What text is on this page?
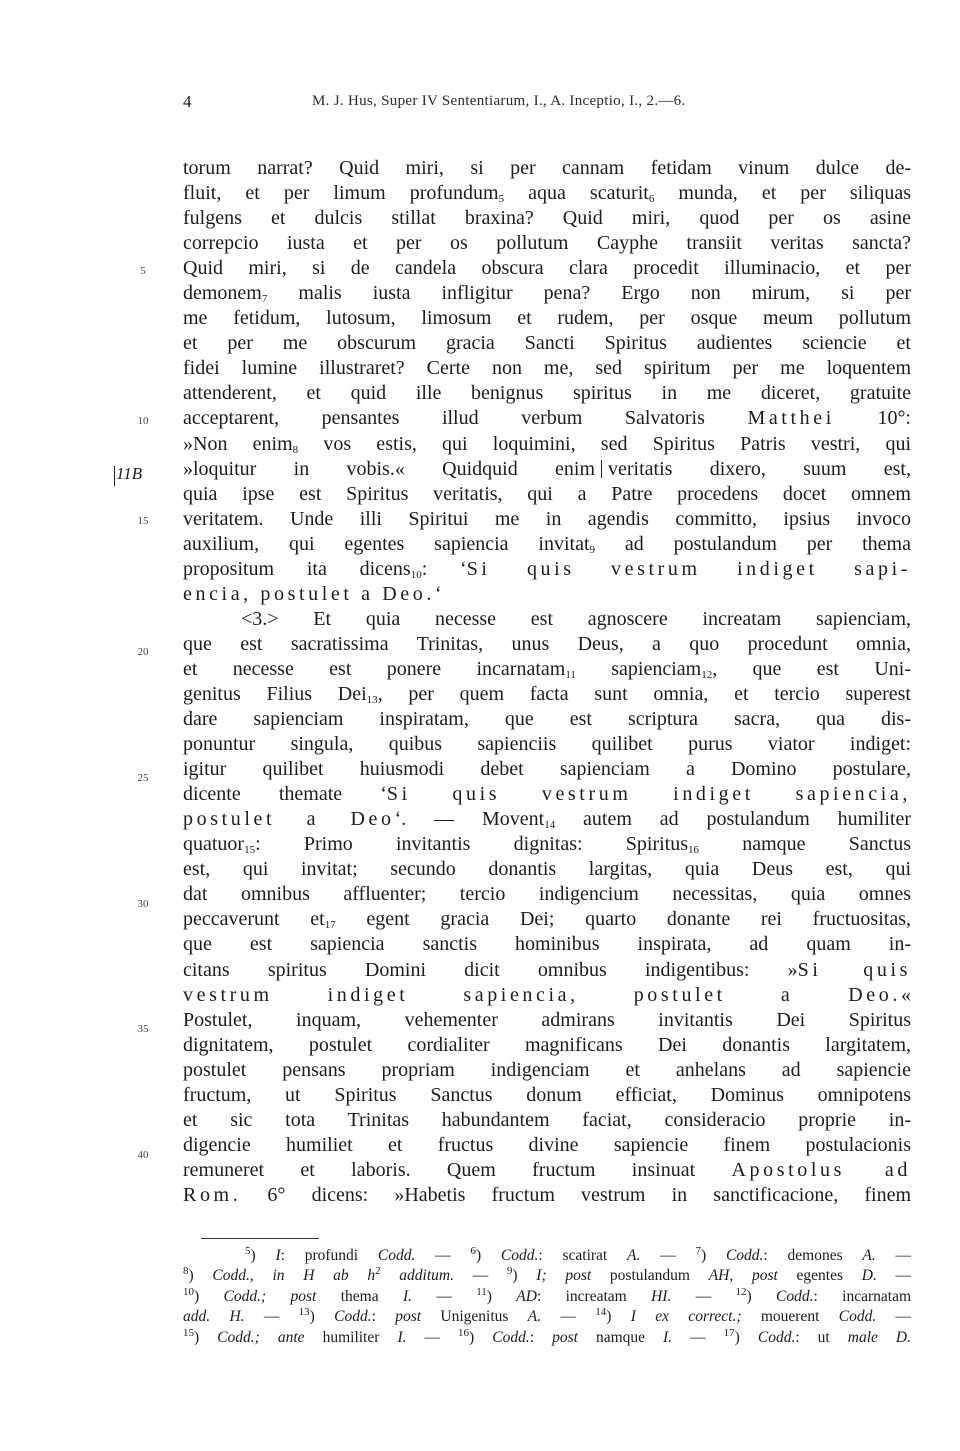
4	M. J. Hus, Super IV Sententiarum, I., A. Inceptio, I., 2.—6.
5
10
15
20
25
30
35
40
11B
torum narrat? Quid miri, si per cannam fetidam vinum dulce de-
fluit, et per limum profundum$_5$ aqua scaturit$_6$ munda, et per siliquas
fulgens et dulcis stillat braxina? Quid miri, quod per os asine
correpcio iusta et per os pollutum Cayphe transiit veritas sancta?
Quid miri, si de candela obscura clara procedit illuminacio, et per
demonem$_7$ malis iusta infligitur pena? Ergo non mirum, si per
me fetidum, lutosum, limosum et rudem, per osque meum pollutum
et per me obscurum gracia Sancti Spiritus audientes sciencie et
fidei lumine illustraret? Certe non me, sed spiritum per me loquentem
attenderent, et quid ille benignus spiritus in me diceret, gratuite
acceptarent, pensantes illud verbum Salvatoris Matthei 10°:
»Non enim$_8$ vos estis, qui loquimini, sed Spiritus Patris vestri, qui
»loquitur in vobis.« Quidquid enim veritatis dixero, suum est,
quia ipse est Spiritus veritatis, qui a Patre procedens docet omnem
veritatem. Unde illi Spiritui me in agendis committo, ipsius invoco
auxilium, qui egentes sapiencia invitat$_9$ ad postulandum per thema
propositum ita dicens$_{10}$: ‘Si quis vestrum indiget sapi-
encia, postulet a Deo.‘
<3.> Et quia necesse est agnoscere increatam sapienciam,
que est sacratissima Trinitas, unus Deus, a quo procedunt omnia,
et necesse est ponere incarnatam$_{11}$ sapienciam$_{12}$, que est Uni-
genitus Filius Dei$_{13}$, per quem facta sunt omnia, et tercio superest
dare sapienciam inspiratam, que est scriptura sacra, qua dis-
ponuntur singula, quibus sapienciis quilibet purus viator indiget:
igitur quilibet huiusmodi debet sapienciam a Domino postulare,
dicente themate ‘Si quis vestrum indiget sapiencia,
postulet a Deo‘. — Movent$_{14}$ autem ad postulandum humiliter
quatuor$_{15}$: Primo invitantis dignitas: Spiritus$_{16}$ namque Sanctus
est, qui invitat; secundo donantis largitas, quia Deus est, qui
dat omnibus affluenter; tercio indigencium necessitas, quia omnes
peccaverunt $et_{17}$ egent gracia Dei; quarto donante rei fructuositas,
que est sapiencia sanctis hominibus inspirata, ad quam in-
citans spiritus Domini dicit omnibus indigentibus: »Si quis
vestrum indiget sapiencia, postulet a Deo.«
Postulet, inquam, vehementer admirans invitantis Dei Spiritus
dignitatem, postulet cordialiter magnificans Dei donantis largitatem,
postulet pensans propriam indigenciam et anhelans ad sapiencie
fructum, ut Spiritus Sanctus donum efficiat, Dominus omnipotens
et sic tota Trinitas habundantem faciat, consideracio proprie in-
digencie humiliet et fructus divine sapiencie finem postulacionis
remuneret et laboris. Quem fructum insinuat Apostolus ad
Rom. 6° dicens: »Habetis fructum vestrum in sanctificacione, finem
$^5$) I: profundi Codd. — $^6$) Codd.: scatirat A. — $^7$) Codd.: demones A. —
$^8$) Codd., in H ab $h^2$ additum. — $^9$) I; post postulandum AH, post egentes D. —
$^{10}$) Codd.; post thema I. — $^{11}$) AD: increatam HI. — $^{12}$) Codd.: incarnatam
add. H. — $^{13}$) Codd.: post Unigenitus A. — $^{14}$) I ex correct.; mouerent Codd. —
$^{15}$) Codd.; ante humiliter I. — $^{16}$) Codd.: post namque I. — $^{17}$) Codd.: ut male D.
